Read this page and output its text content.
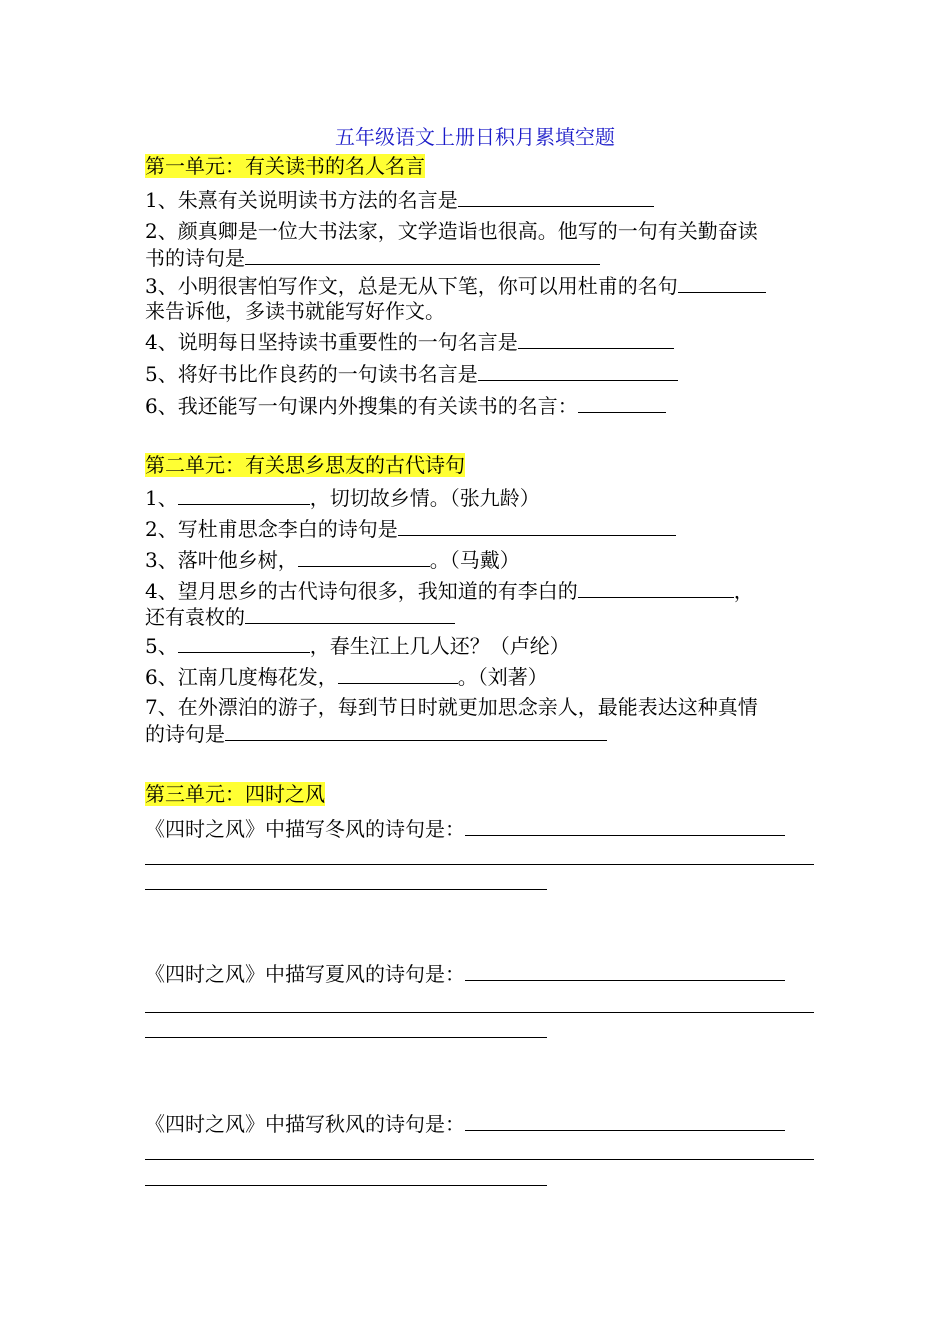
五年级语文上册日积月累填空题
第一单元：有关读书的名人名言
1、朱熹有关说明读书方法的名言是
2、颜真卿是一位大书法家，文学造诣也很高。他写的一句有关勤奋读
书的诗句是
3、小明很害怕写作文，总是无从下笔，你可以用杜甫的名句
来告诉他，多读书就能写好作文。
4、说明每日坚持读书重要性的一句名言是
5、将好书比作良药的一句读书名言是
6、我还能写一句课内外搜集的有关读书的名言：
第二单元：有关思乡思友的古代诗句
1、	，切切故乡情。（张九龄）
2、写杜甫思念李白的诗句是
3、落叶他乡树，	。（马戴）
4、望月思乡的古代诗句很多，我知道的有李白的	，
还有袁枚的
5、	，春生江上几人还？（卢纶）
6、江南几度梅花发，	。（刘著）
7、在外漂泊的游子，每到节日时就更加思念亲人，最能表达这种真情
的诗句是
第三单元：四时之风
《四时之风》中描写冬风的诗句是：
《四时之风》中描写夏风的诗句是：
《四时之风》中描写秋风的诗句是：
